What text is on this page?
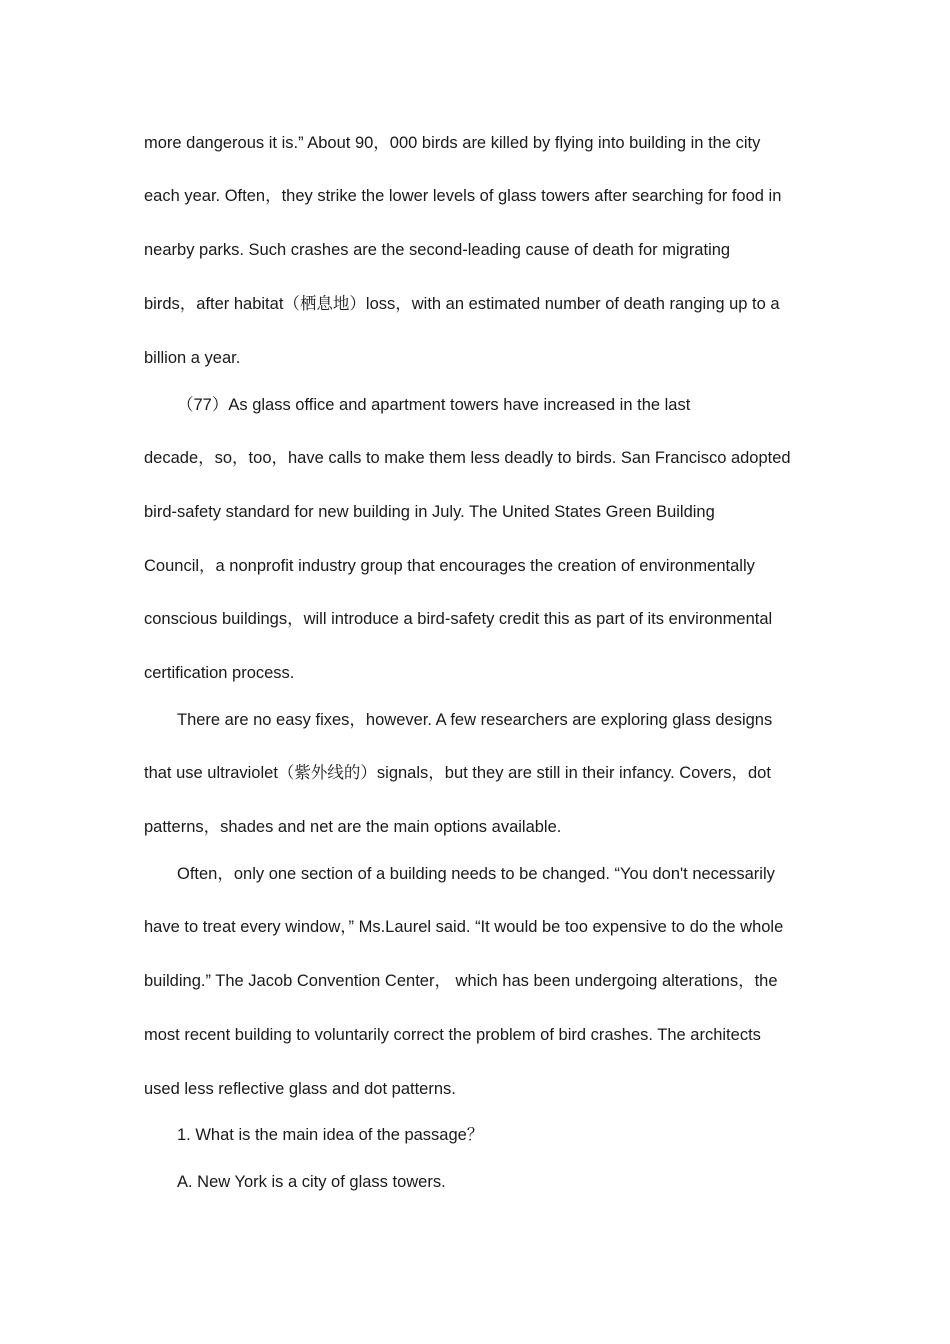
more dangerous it is.” About 90，000 birds are killed by flying into building in the city
each year. Often，they strike the lower levels of glass towers after searching for food in
nearby parks. Such crashes are the second-leading cause of death for migrating
birds，after habitat（栖息地）loss，with an estimated number of death ranging up to a
billion a year.
（77）As glass office and apartment towers have increased in the last
decade，so，too，have calls to make them less deadly to birds. San Francisco adopted
bird-safety standard for new building in July. The United States Green Building
Council，a nonprofit industry group that encourages the creation of environmentally
conscious buildings，will introduce a bird-safety credit this as part of its environmental
certification process.
There are no easy fixes，however. A few researchers are exploring glass designs
that use ultraviolet（紫外线的）signals，but they are still in their infancy. Covers，dot
patterns，shades and net are the main options available.
Often，only one section of a building needs to be changed. “You don't necessarily
have to treat every window，” Ms.Laurel said. “It would be too expensive to do the whole
building.” The Jacob Convention Center， which has been undergoing alterations，the
most recent building to voluntarily correct the problem of bird crashes. The architects
used less reflective glass and dot patterns.
1. What is the main idea of the passage？
A. New York is a city of glass towers.
